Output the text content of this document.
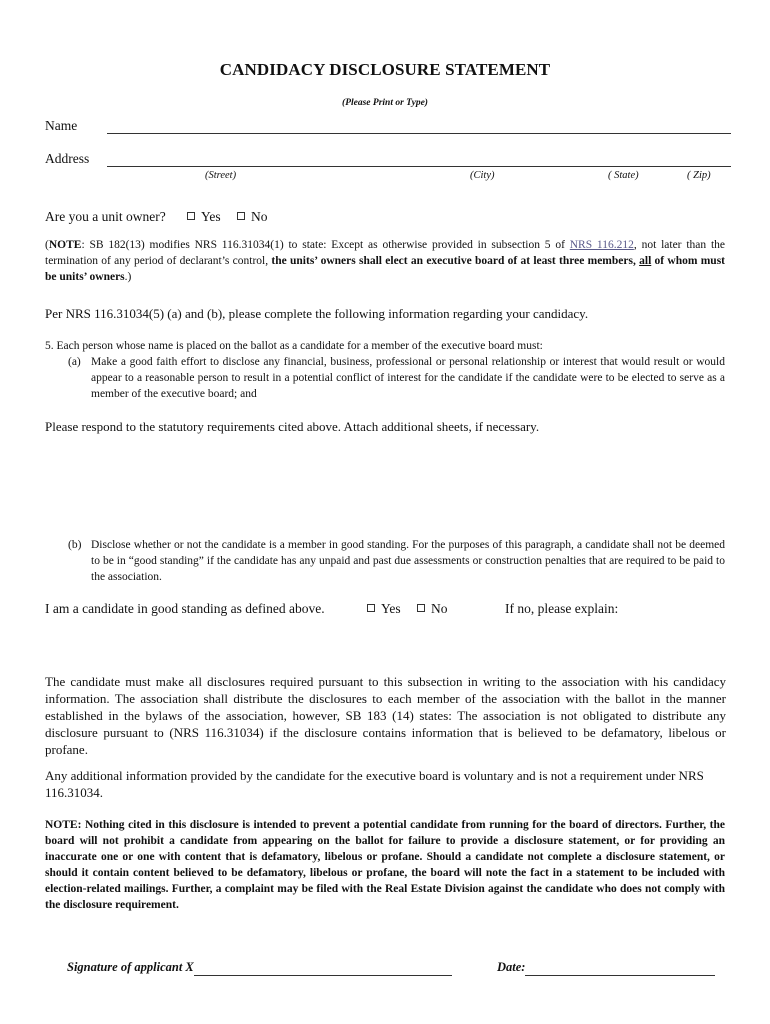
CANDIDACY DISCLOSURE STATEMENT
(Please Print or Type)
Name
Address
(Street)	(City)	( State)	( Zip)
Are you a unit owner?	Yes	No
(NOTE: SB 182(13) modifies NRS 116.31034(1) to state: Except as otherwise provided in subsection 5 of NRS 116.212, not later than the termination of any period of declarant’s control, the units’ owners shall elect an executive board of at least three members, all of whom must be units’ owners.)
Per NRS 116.31034(5) (a) and (b), please complete the following information regarding your candidacy.
5. Each person whose name is placed on the ballot as a candidate for a member of the executive board must:
(a) Make a good faith effort to disclose any financial, business, professional or personal relationship or interest that would result or would appear to a reasonable person to result in a potential conflict of interest for the candidate if the candidate were to be elected to serve as a member of the executive board; and
Please respond to the statutory requirements cited above. Attach additional sheets, if necessary.
(b) Disclose whether or not the candidate is a member in good standing. For the purposes of this paragraph, a candidate shall not be deemed to be in “good standing” if the candidate has any unpaid and past due assessments or construction penalties that are required to be paid to the association.
I am a candidate in good standing as defined above.	Yes	No	If no, please explain:
The candidate must make all disclosures required pursuant to this subsection in writing to the association with his candidacy information. The association shall distribute the disclosures to each member of the association with the ballot in the manner established in the bylaws of the association, however, SB 183 (14) states: The association is not obligated to distribute any disclosure pursuant to (NRS 116.31034) if the disclosure contains information that is believed to be defamatory, libelous or profane.
Any additional information provided by the candidate for the executive board is voluntary and is not a requirement under NRS 116.31034.
NOTE: Nothing cited in this disclosure is intended to prevent a potential candidate from running for the board of directors. Further, the board will not prohibit a candidate from appearing on the ballot for failure to provide a disclosure statement, or for providing an inaccurate one or one with content that is defamatory, libelous or profane. Should a candidate not complete a disclosure statement, or should it contain content believed to be defamatory, libelous or profane, the board will note the fact in a statement to be included with election-related mailings. Further, a complaint may be filed with the Real Estate Division against the candidate who does not comply with the disclosure requirement.
Signature of applicant X	Date:
